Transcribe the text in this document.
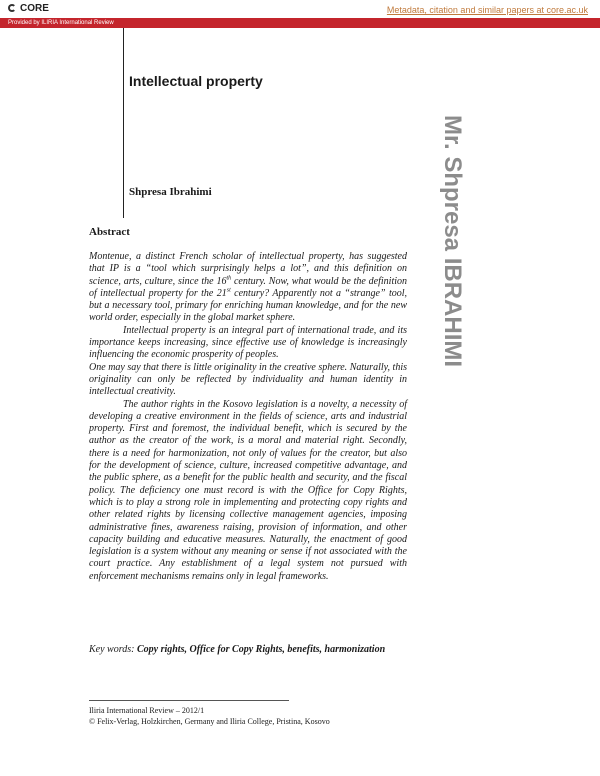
CORE	Metadata, citation and similar papers at core.ac.uk
Provided by ILIRIA International Review
Intellectual property
Shpresa Ibrahimi	Mr. Shpresa IBRAHIMI
Abstract

Montenue, a distinct French scholar of intellectual property, has suggested that IP is a “tool which surprisingly helps a lot”, and this definition on science, arts, culture, since the 16th century. Now, what would be the definition of intellectual property for the 21st century? Apparently not a “strange” tool, but a necessary tool, primary for enriching human knowledge, and for the new world order, especially in the global market sphere.

Intellectual property is an integral part of international trade, and its importance keeps increasing, since effective use of knowledge is increasingly influencing the economic prosperity of peoples.

One may say that there is little originality in the creative sphere. Naturally, this originality can only be reflected by individuality and human identity in intellectual creativity.

The author rights in the Kosovo legislation is a novelty, a necessity of developing a creative environment in the fields of science, arts and industrial property. First and foremost, the individual benefit, which is secured by the author as the creator of the work, is a moral and material right. Secondly, there is a need for harmonization, not only of values for the creator, but also for the development of science, culture, increased competitive advantage, and the public sphere, as a benefit for the public health and security, and the fiscal policy. The deficiency one must record is with the Office for Copy Rights, which is to play a strong role in implementing and protecting copy rights and other related rights by licensing collective management agencies, imposing administrative fines, awareness raising, provision of information, and other capacity building and educative measures. Naturally, the enactment of good legislation is a system without any meaning or sense if not associated with the court practice. Any establishment of a legal system not pursued with enforcement mechanisms remains only in legal frameworks.

Key words: Copy rights, Office for Copy Rights, benefits, harmonization
Iliria International Review – 2012/1
© Felix-Verlag, Holzkirchen, Germany and Iliria College, Pristina, Kosovo
